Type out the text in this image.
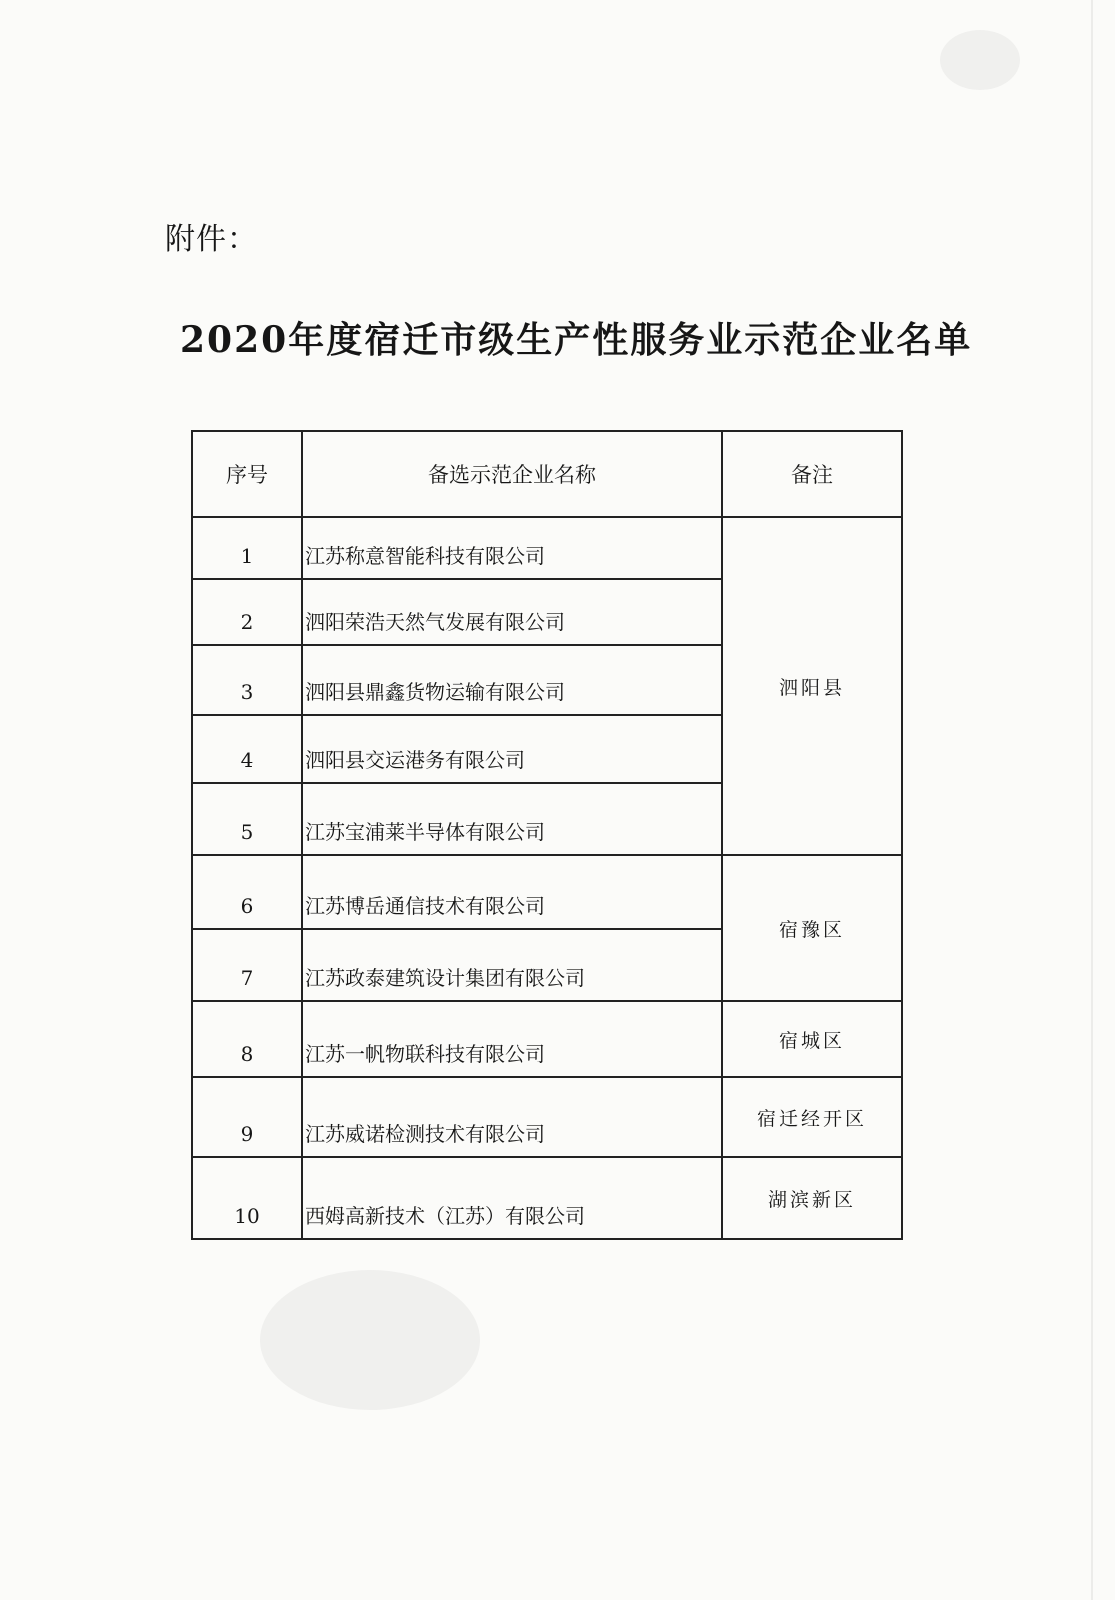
附件：
2020年度宿迁市级生产性服务业示范企业名单
序号	备选示范企业名称	备注
1	江苏称意智能科技有限公司	泗阳县
2	泗阳荣浩天然气发展有限公司	
3	泗阳县鼎鑫货物运输有限公司	
4	泗阳县交运港务有限公司	
5	江苏宝浦莱半导体有限公司	
6	江苏博岳通信技术有限公司	宿豫区
7	江苏政泰建筑设计集团有限公司	
8	江苏一帆物联科技有限公司	宿城区
9	江苏威诺检测技术有限公司	宿迁经开区
10	西姆高新技术（江苏）有限公司	湖滨新区
